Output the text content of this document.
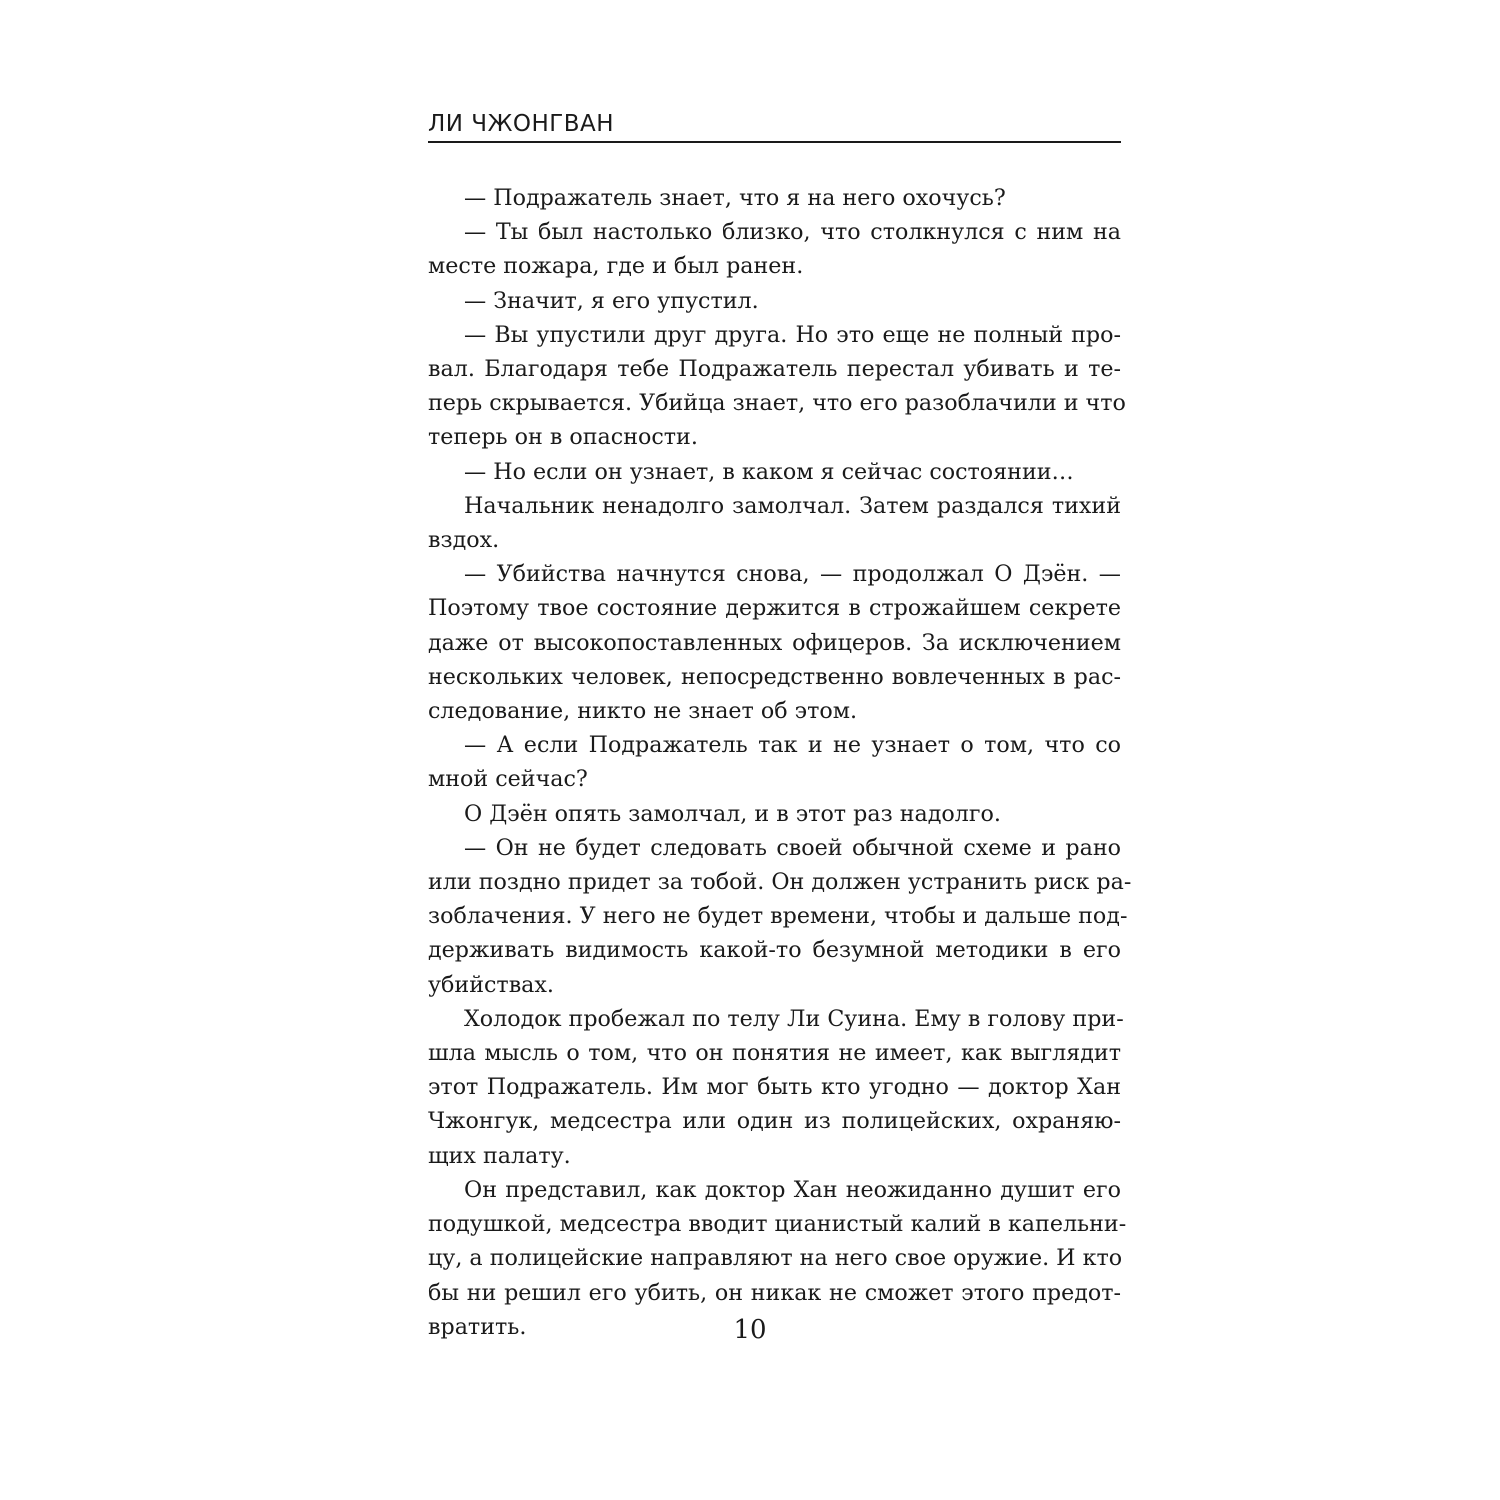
ЛИ ЧЖОНГВАН

— Подражатель знает, что я на него охочусь?

— Ты был настолько близко, что столкнулся с ним на

месте пожара, где и был ранен.

— Значит, я его упустил.

— Вы упустили друг друга. Но это еще не полный про-

вал. Благодаря тебе Подражатель перестал убивать и те-

перь скрывается. Убийца знает, что его разоблачили и что

теперь он в опасности.

— Но если он узнает, в каком я сейчас состоянии…

Начальник ненадолго замолчал. Затем раздался тихий

вздох.

— Убийства начнутся снова, — продолжал О Дэён. —

Поэтому твое состояние держится в строжайшем секрете

даже от высокопоставленных офицеров. За исключением

нескольких человек, непосредственно вовлеченных в рас-

следование, никто не знает об этом.

— А если Подражатель так и не узнает о том, что со

мной сейчас?

О Дэён опять замолчал, и в этот раз надолго.

— Он не будет следовать своей обычной схеме и рано

или поздно придет за тобой. Он должен устранить риск ра-

зоблачения. У него не будет времени, чтобы и дальше под-

держивать видимость какой-то безумной методики в его

убийствах.

Холодок пробежал по телу Ли Суина. Ему в голову при-

шла мысль о том, что он понятия не имеет, как выглядит

этот Подражатель. Им мог быть кто угодно — доктор Хан

Чжонгук, медсестра или один из полицейских, охраняю-

щих палату.

Он представил, как доктор Хан неожиданно душит его

подушкой, медсестра вводит цианистый калий в капельни-

цу, а полицейские направляют на него свое оружие. И кто

бы ни решил его убить, он никак не сможет этого предот-

вратить.	10
